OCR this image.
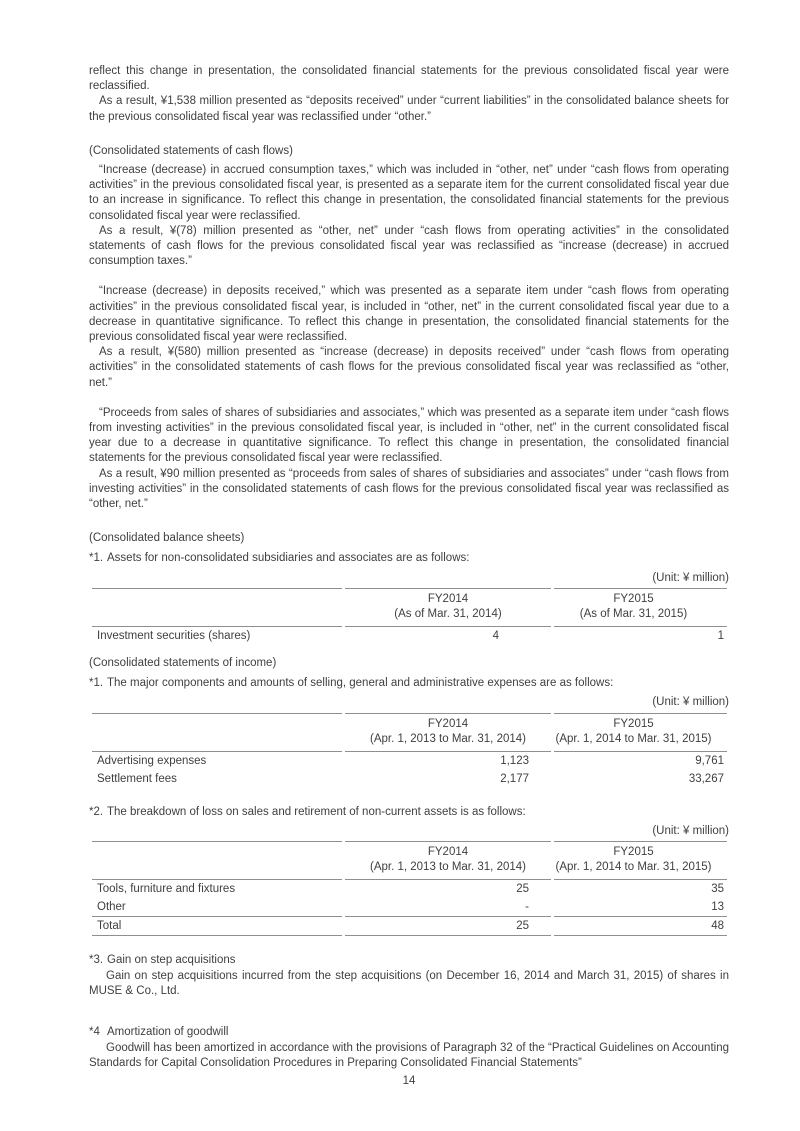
reflect this change in presentation, the consolidated financial statements for the previous consolidated fiscal year were reclassified.

As a result, ¥1,538 million presented as “deposits received” under “current liabilities” in the consolidated balance sheets for the previous consolidated fiscal year was reclassified under “other.”

(Consolidated statements of cash flows)

“Increase (decrease) in accrued consumption taxes,” which was included in “other, net” under “cash flows from operating activities” in the previous consolidated fiscal year, is presented as a separate item for the current consolidated fiscal year due to an increase in significance. To reflect this change in presentation, the consolidated financial statements for the previous consolidated fiscal year were reclassified.

As a result, ¥(78) million presented as “other, net” under “cash flows from operating activities” in the consolidated statements of cash flows for the previous consolidated fiscal year was reclassified as “increase (decrease) in accrued consumption taxes.”

“Increase (decrease) in deposits received,” which was presented as a separate item under “cash flows from operating activities” in the previous consolidated fiscal year, is included in “other, net” in the current consolidated fiscal year due to a decrease in quantitative significance. To reflect this change in presentation, the consolidated financial statements for the previous consolidated fiscal year were reclassified.

As a result, ¥(580) million presented as “increase (decrease) in deposits received” under “cash flows from operating activities” in the consolidated statements of cash flows for the previous consolidated fiscal year was reclassified as “other, net.”

“Proceeds from sales of shares of subsidiaries and associates,” which was presented as a separate item under “cash flows from investing activities” in the previous consolidated fiscal year, is included in “other, net” in the current consolidated fiscal year due to a decrease in quantitative significance. To reflect this change in presentation, the consolidated financial statements for the previous consolidated fiscal year were reclassified.

As a result, ¥90 million presented as “proceeds from sales of shares of subsidiaries and associates” under “cash flows from investing activities” in the consolidated statements of cash flows for the previous consolidated fiscal year was reclassified as “other, net.”

(Consolidated balance sheets)

*1. Assets for non-consolidated subsidiaries and associates are as follows:

(Unit: ¥ million)

FY2014
(As of Mar. 31, 2014)

FY2015
(As of Mar. 31, 2015)

Investment securities (shares)	4	1

(Consolidated statements of income)

*1. The major components and amounts of selling, general and administrative expenses are as follows:

(Unit: ¥ million)

FY2014
(Apr. 1, 2013 to Mar. 31, 2014)

FY2015
(Apr. 1, 2014 to Mar. 31, 2015)

Advertising expenses	1,123	9,761
Settlement fees	2,177	33,267

*2. The breakdown of loss on sales and retirement of non-current assets is as follows:

(Unit: ¥ million)

FY2014
(Apr. 1, 2013 to Mar. 31, 2014)

FY2015
(Apr. 1, 2014 to Mar. 31, 2015)

Tools, furniture and fixtures	25	35
Other	-	13
Total	25	48

*3. Gain on step acquisitions

Gain on step acquisitions incurred from the step acquisitions (on December 16, 2014 and March 31, 2015) of shares in MUSE & Co., Ltd.

*4 Amortization of goodwill

Goodwill has been amortized in accordance with the provisions of Paragraph 32 of the “Practical Guidelines on Accounting Standards for Capital Consolidation Procedures in Preparing Consolidated Financial Statements”

14
